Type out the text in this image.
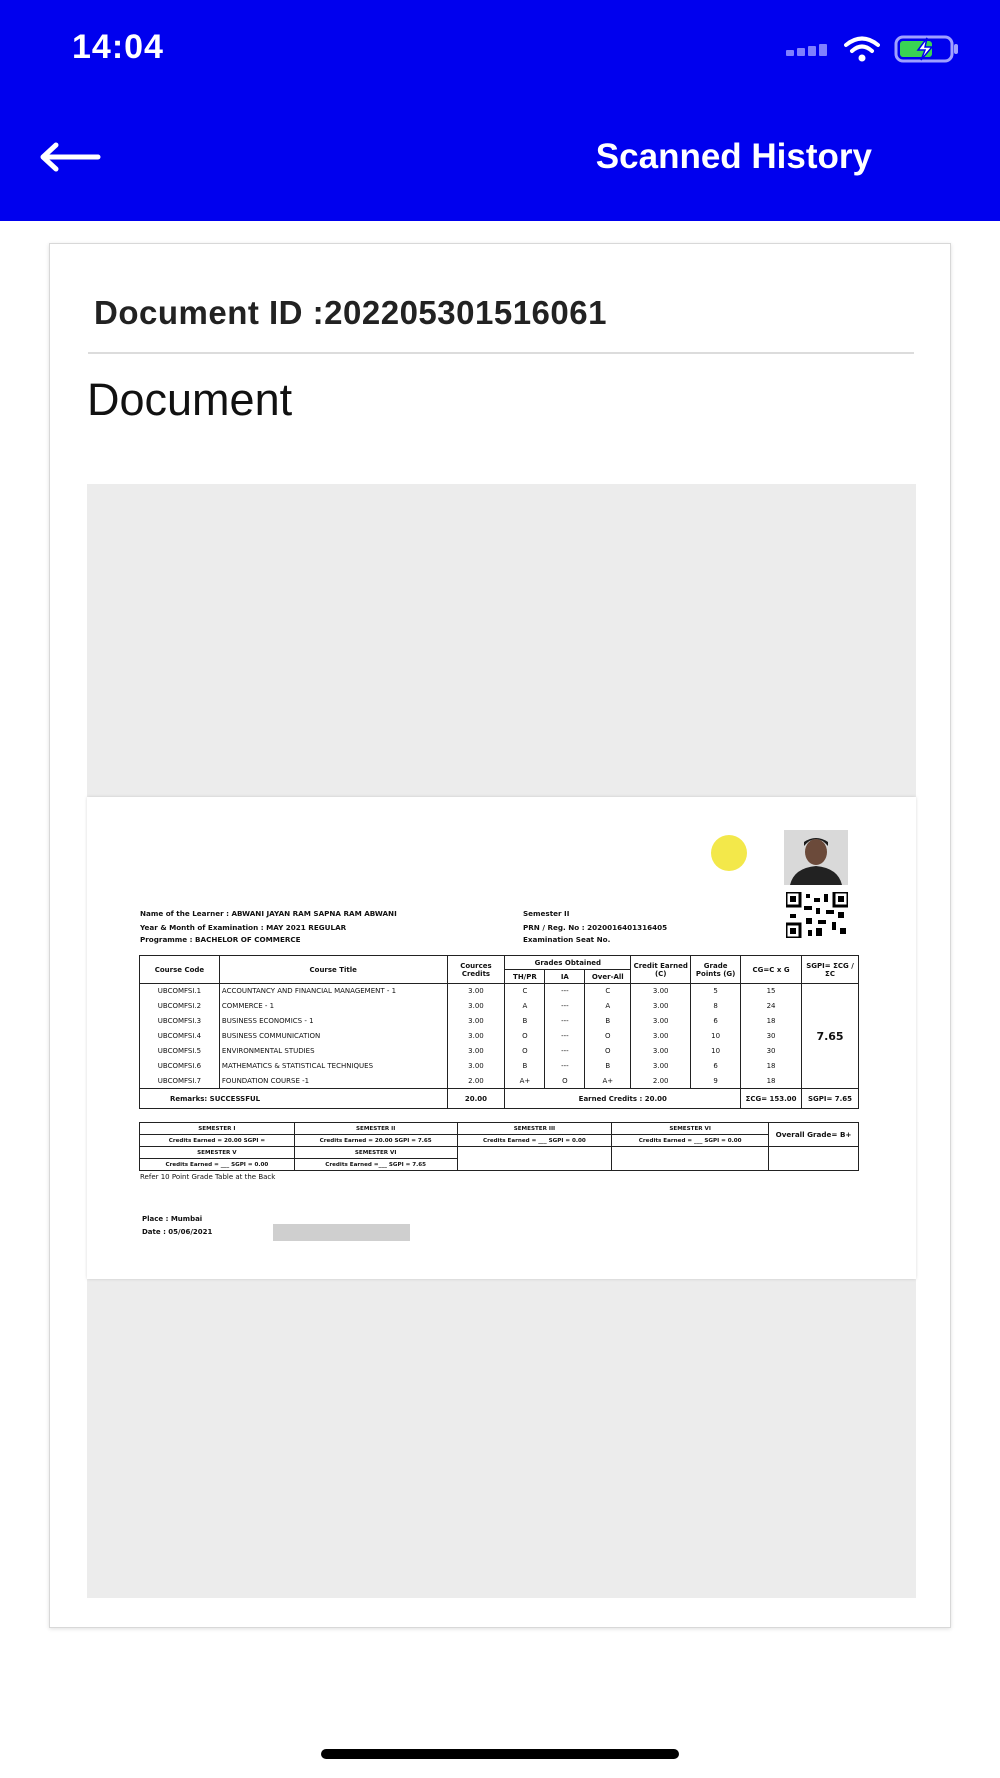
14:04
Scanned History
Document ID :202205301516061
Document
Name of the Learner : ABWANI JAYAN RAM SAPNA RAM ABWANI
Year & Month of Examination : MAY 2021 REGULAR
Programme : BACHELOR OF COMMERCE
Semester II
PRN / Reg. No : 2020016401316405
Examination Seat No.
Course Code	Course Title	Cources Credits	Grades Obtained			Credit Earned (C)	Grade Points (G)	CG=C x G	SGPI= ΣCG / ΣC
			TH/PR	IA	Over-All				
UBCOMFSI.1	ACCOUNTANCY AND FINANCIAL MANAGEMENT - 1	3.00	C	---	C	3.00	5	15	7.65
UBCOMFSI.2	COMMERCE - 1	3.00	A	---	A	3.00	8	24	
UBCOMFSI.3	BUSINESS ECONOMICS - 1	3.00	B	---	B	3.00	6	18	
UBCOMFSI.4	BUSINESS COMMUNICATION	3.00	O	---	O	3.00	10	30	
UBCOMFSI.5	ENVIRONMENTAL STUDIES	3.00	O	---	O	3.00	10	30	
UBCOMFSI.6	MATHEMATICS & STATISTICAL TECHNIQUES	3.00	B	---	B	3.00	6	18	
UBCOMFSI.7	FOUNDATION COURSE -1	2.00	A+	O	A+	2.00	9	18	
Remarks: SUCCESSFUL		20.00	Earned Credits : 20.00					ΣCG= 153.00	SGPI= 7.65
SEMESTER I	SEMESTER II	SEMESTER III	SEMESTER VI	Overall Grade= B+
Credits Earned = 20.00 SGPI =	Credits Earned = 20.00 SGPI = 7.65	Credits Earned = ___ SGPI = 0.00	Credits Earned = ___ SGPI = 0.00	
SEMESTER V	SEMESTER VI			
Credits Earned = ___ SGPI = 0.00	Credits Earned =___ SGPI = 7.65			
Refer 10 Point Grade Table at the Back
Place : Mumbai
Date : 05/06/2021
